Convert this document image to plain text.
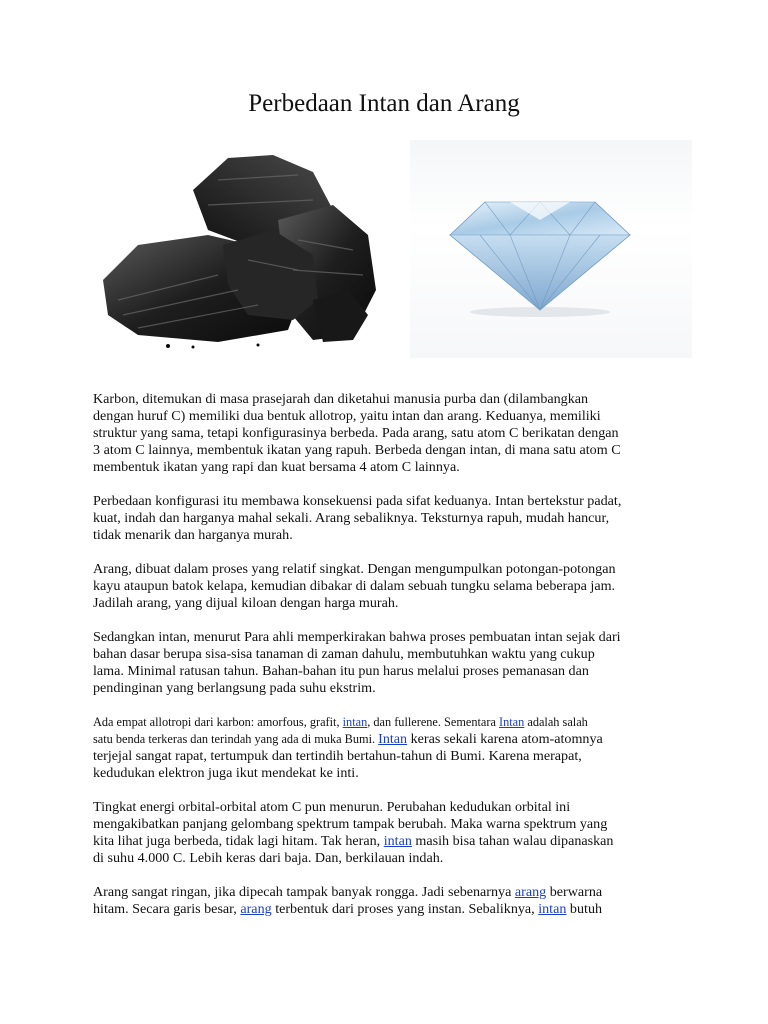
Perbedaan Intan dan Arang

Karbon, ditemukan di masa prasejarah dan diketahui manusia purba dan (dilambangkan
dengan huruf C) memiliki dua bentuk allotrop, yaitu intan dan arang. Keduanya, memiliki
struktur yang sama, tetapi konfigurasinya berbeda. Pada arang, satu atom C berikatan dengan
3 atom C lainnya, membentuk ikatan yang rapuh. Berbeda dengan intan, di mana satu atom C
membentuk ikatan yang rapi dan kuat bersama 4 atom C lainnya.

Perbedaan konfigurasi itu membawa konsekuensi pada sifat keduanya. Intan bertekstur padat,
kuat, indah dan harganya mahal sekali. Arang sebaliknya. Teksturnya rapuh, mudah hancur,
tidak menarik dan harganya murah.

Arang, dibuat dalam proses yang relatif singkat. Dengan mengumpulkan potongan-potongan
kayu ataupun batok kelapa, kemudian dibakar di dalam sebuah tungku selama beberapa jam.
Jadilah arang, yang dijual kiloan dengan harga murah.

Sedangkan intan, menurut Para ahli memperkirakan bahwa proses pembuatan intan sejak dari
bahan dasar berupa sisa-sisa tanaman di zaman dahulu, membutuhkan waktu yang cukup
lama. Minimal ratusan tahun. Bahan-bahan itu pun harus melalui proses pemanasan dan
pendinginan yang berlangsung pada suhu ekstrim.

Ada empat allotropi dari karbon: amorfous, grafit, intan, dan fullerene. Sementara Intan adalah salah
satu benda terkeras dan terindah yang ada di muka Bumi. Intan keras sekali karena atom-atomnya
terjejal sangat rapat, tertumpuk dan tertindih bertahun-tahun di Bumi. Karena merapat,
kedudukan elektron juga ikut mendekat ke inti.

Tingkat energi orbital-orbital atom C pun menurun. Perubahan kedudukan orbital ini
mengakibatkan panjang gelombang spektrum tampak berubah. Maka warna spektrum yang
kita lihat juga berbeda, tidak lagi hitam. Tak heran, intan masih bisa tahan walau dipanaskan
di suhu 4.000 C. Lebih keras dari baja. Dan, berkilauan indah.

Arang sangat ringan, jika dipecah tampak banyak rongga. Jadi sebenarnya arang berwarna
hitam. Secara garis besar, arang terbentuk dari proses yang instan. Sebaliknya, intan butuh
